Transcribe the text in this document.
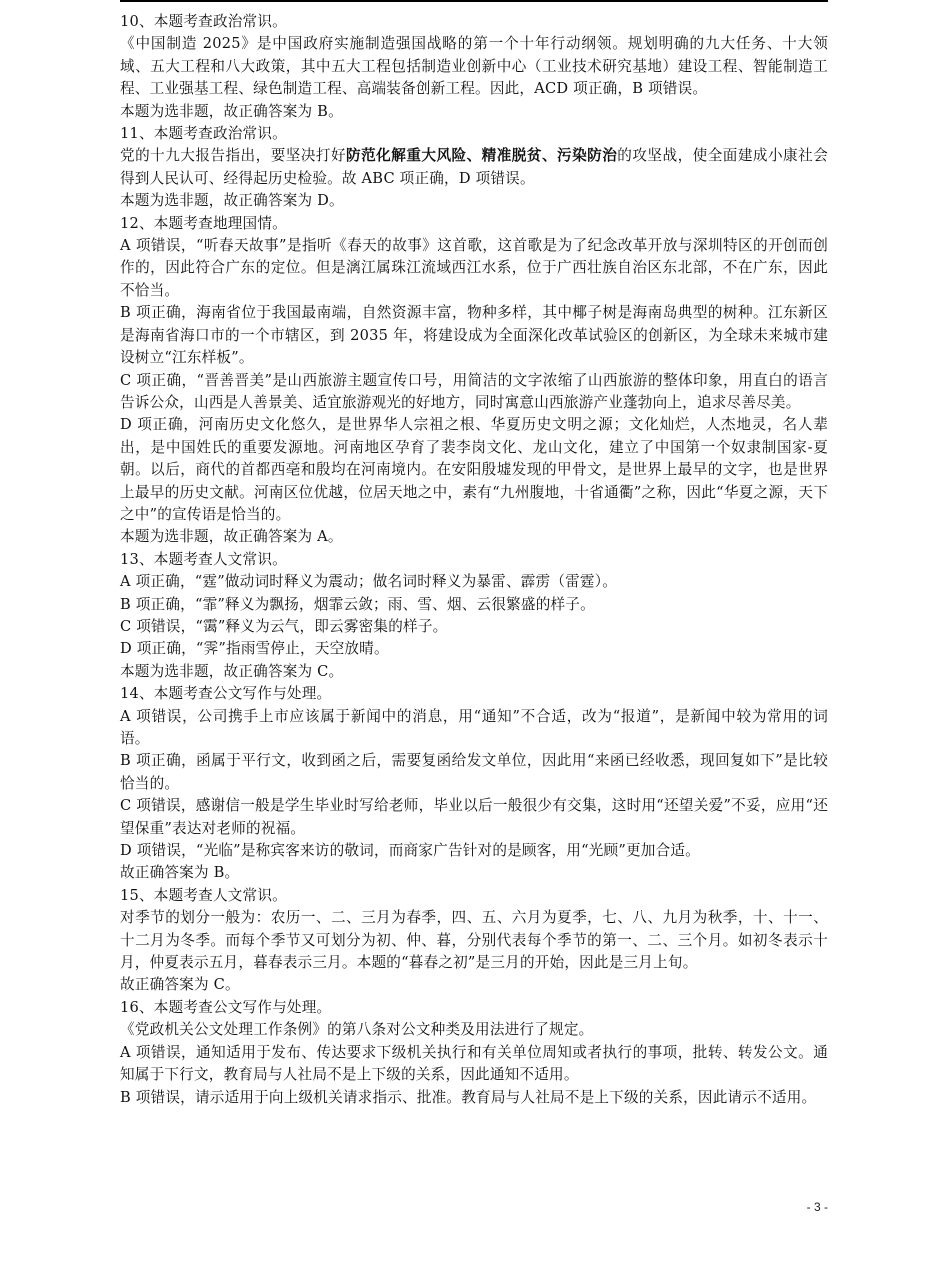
10、本题考查政治常识。

《中国制造 2025》是中国政府实施制造强国战略的第一个十年行动纲领。规划明确的九大任务、十大领域、五大工程和八大政策，其中五大工程包括制造业创新中心（工业技术研究基地）建设工程、智能制造工程、工业强基工程、绿色制造工程、高端装备创新工程。因此，ACD 项正确，B 项错误。

本题为选非题，故正确答案为 B。

11、本题考查政治常识。

党的十九大报告指出，要坚决打好防范化解重大风险、精准脱贫、污染防治的攻坚战，使全面建成小康社会得到人民认可、经得起历史检验。故 ABC 项正确，D 项错误。

本题为选非题，故正确答案为 D。

12、本题考查地理国情。

A 项错误，“听春天故事”是指听《春天的故事》这首歌，这首歌是为了纪念改革开放与深圳特区的开创而创作的，因此符合广东的定位。但是漓江属珠江流域西江水系，位于广西壮族自治区东北部，不在广东，因此不恰当。

B 项正确，海南省位于我国最南端，自然资源丰富，物种多样，其中椰子树是海南岛典型的树种。江东新区是海南省海口市的一个市辖区，到 2035 年，将建设成为全面深化改革试验区的创新区，为全球未来城市建设树立“江东样板”。

C 项正确，“晋善晋美”是山西旅游主题宣传口号，用简洁的文字浓缩了山西旅游的整体印象，用直白的语言告诉公众，山西是人善景美、适宜旅游观光的好地方，同时寓意山西旅游产业蓬勃向上，追求尽善尽美。

D 项正确，河南历史文化悠久，是世界华人宗祖之根、华夏历史文明之源；文化灿烂，人杰地灵，名人辈出，是中国姓氏的重要发源地。河南地区孕育了裴李岗文化、龙山文化，建立了中国第一个奴隶制国家-夏朝。以后，商代的首都西亳和殷均在河南境内。在安阳殷墟发现的甲骨文，是世界上最早的文字，也是世界上最早的历史文献。河南区位优越，位居天地之中，素有“九州腹地，十省通衢”之称，因此“华夏之源，天下之中”的宣传语是恰当的。

本题为选非题，故正确答案为 A。

13、本题考查人文常识。

A 项正确，“霆”做动词时释义为震动；做名词时释义为暴雷、霹雳（雷霆）。

B 项正确，“霏”释义为飘扬，烟霏云敛；雨、雪、烟、云很繁盛的样子。

C 项错误，“霭”释义为云气，即云雾密集的样子。

D 项正确，“霁”指雨雪停止，天空放晴。

本题为选非题，故正确答案为 C。

14、本题考查公文写作与处理。

A 项错误，公司携手上市应该属于新闻中的消息，用“通知”不合适，改为“报道”，是新闻中较为常用的词语。

B 项正确，函属于平行文，收到函之后，需要复函给发文单位，因此用“来函已经收悉，现回复如下”是比较恰当的。

C 项错误，感谢信一般是学生毕业时写给老师，毕业以后一般很少有交集，这时用“还望关爱”不妥，应用“还望保重”表达对老师的祝福。

D 项错误，“光临”是称宾客来访的敬词，而商家广告针对的是顾客，用“光顾”更加合适。

故正确答案为 B。

15、本题考查人文常识。

对季节的划分一般为：农历一、二、三月为春季，四、五、六月为夏季，七、八、九月为秋季，十、十一、十二月为冬季。而每个季节又可划分为初、仲、暮，分别代表每个季节的第一、二、三个月。如初冬表示十月，仲夏表示五月，暮春表示三月。本题的“暮春之初”是三月的开始，因此是三月上旬。

故正确答案为 C。

16、本题考查公文写作与处理。

《党政机关公文处理工作条例》的第八条对公文种类及用法进行了规定。

A 项错误，通知适用于发布、传达要求下级机关执行和有关单位周知或者执行的事项，批转、转发公文。通知属于下行文，教育局与人社局不是上下级的关系，因此通知不适用。

B 项错误，请示适用于向上级机关请求指示、批准。教育局与人社局不是上下级的关系，因此请示不适用。

- 3 -
